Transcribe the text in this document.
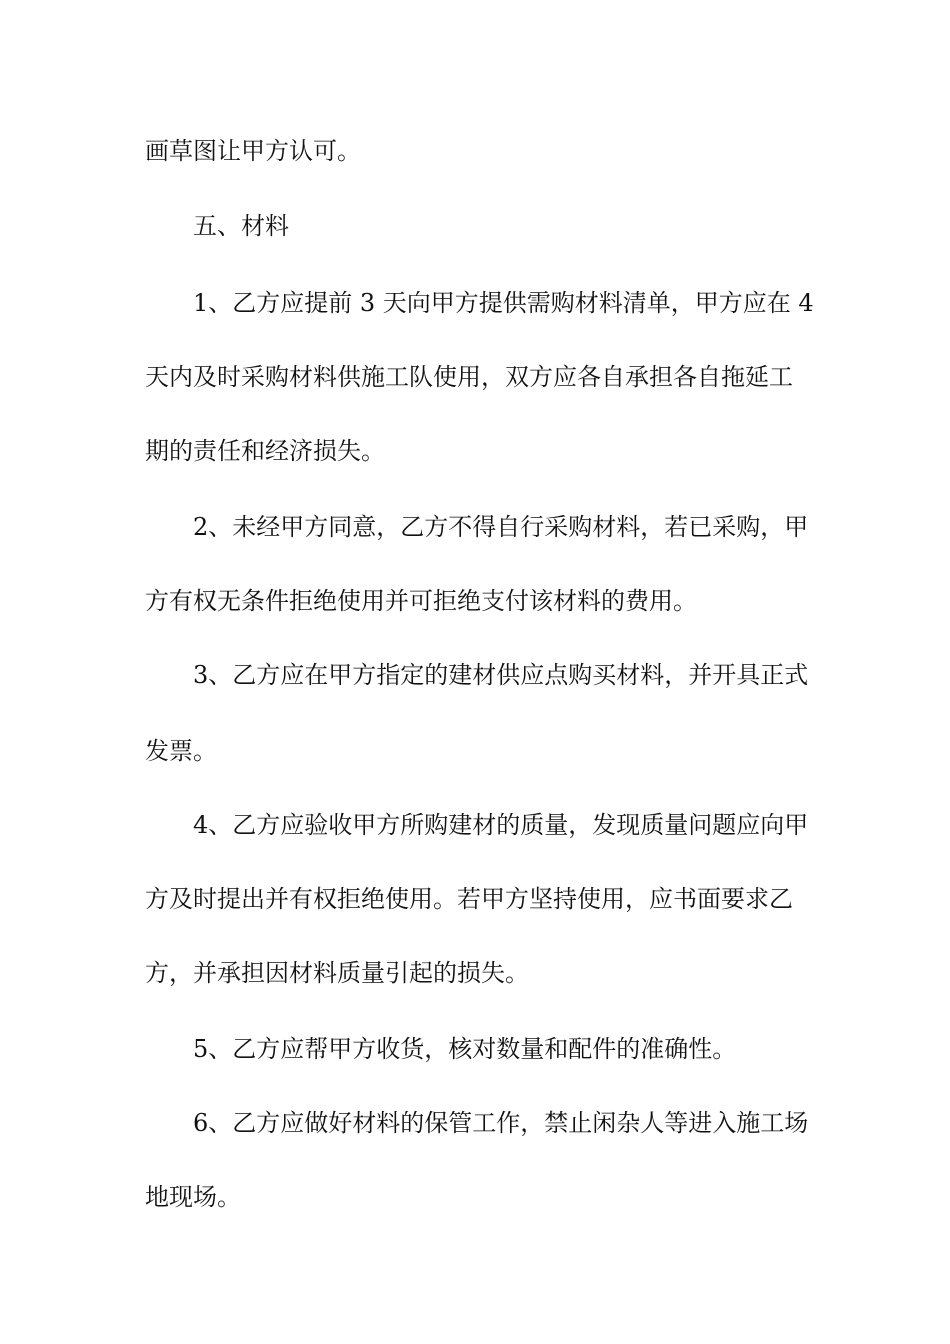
画草图让甲方认可。
五、材料
1、乙方应提前 3 天向甲方提供需购材料清单，甲方应在 4
天内及时采购材料供施工队使用，双方应各自承担各自拖延工
期的责任和经济损失。
2、未经甲方同意，乙方不得自行采购材料，若已采购，甲
方有权无条件拒绝使用并可拒绝支付该材料的费用。
3、乙方应在甲方指定的建材供应点购买材料，并开具正式
发票。
4、乙方应验收甲方所购建材的质量，发现质量问题应向甲
方及时提出并有权拒绝使用。若甲方坚持使用，应书面要求乙
方，并承担因材料质量引起的损失。
5、乙方应帮甲方收货，核对数量和配件的准确性。
6、乙方应做好材料的保管工作，禁止闲杂人等进入施工场
地现场。
